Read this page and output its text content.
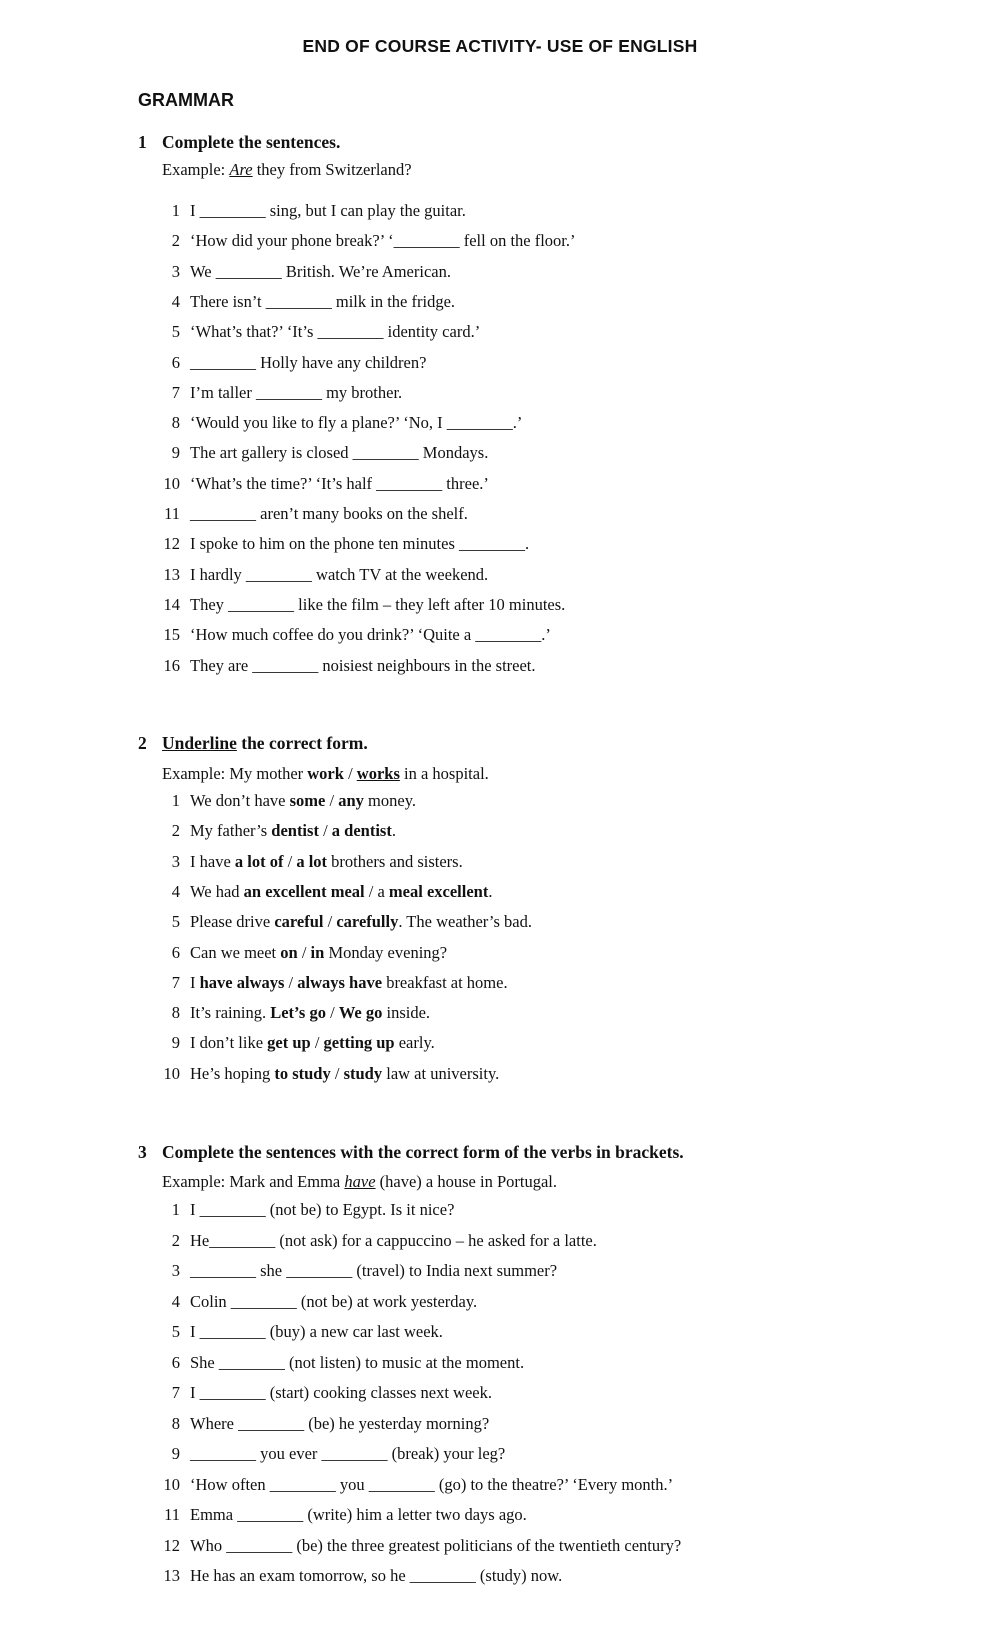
END OF COURSE ACTIVITY- USE OF ENGLISH
GRAMMAR
1 Complete the sentences.
Example: Are they from Switzerland?
1 I ________ sing, but I can play the guitar.
2 ‘How did your phone break?’ ‘________ fell on the floor.’
3 We ________ British. We’re American.
4 There isn’t ________ milk in the fridge.
5 ‘What’s that?’ ‘It’s ________ identity card.’
6 ________ Holly have any children?
7 I’m taller ________ my brother.
8 ‘Would you like to fly a plane?’ ‘No, I ________.’
9 The art gallery is closed ________ Mondays.
10 ‘What’s the time?’ ‘It’s half ________ three.’
11 ________ aren’t many books on the shelf.
12 I spoke to him on the phone ten minutes ________.
13 I hardly ________ watch TV at the weekend.
14 They ________ like the film – they left after 10 minutes.
15 ‘How much coffee do you drink?’ ‘Quite a ________.’
16 They are ________ noisiest neighbours in the street.
2 Underline the correct form.
Example: My mother work / works in a hospital.
1 We don’t have some / any money.
2 My father’s dentist / a dentist.
3 I have a lot of / a lot brothers and sisters.
4 We had an excellent meal / a meal excellent.
5 Please drive careful / carefully. The weather’s bad.
6 Can we meet on / in Monday evening?
7 I have always / always have breakfast at home.
8 It’s raining. Let’s go / We go inside.
9 I don’t like get up / getting up early.
10 He’s hoping to study / study law at university.
3 Complete the sentences with the correct form of the verbs in brackets.
Example: Mark and Emma have (have) a house in Portugal.
1 I ________ (not be) to Egypt. Is it nice?
2 He________ (not ask) for a cappuccino – he asked for a latte.
3 ________ she ________ (travel) to India next summer?
4 Colin ________ (not be) at work yesterday.
5 I ________ (buy) a new car last week.
6 She ________ (not listen) to music at the moment.
7 I ________ (start) cooking classes next week.
8 Where ________ (be) he yesterday morning?
9 ________ you ever ________ (break) your leg?
10 ‘How often ________ you ________ (go) to the theatre?’ ‘Every month.’
11 Emma ________ (write) him a letter two days ago.
12 Who ________ (be) the three greatest politicians of the twentieth century?
13 He has an exam tomorrow, so he ________ (study) now.
